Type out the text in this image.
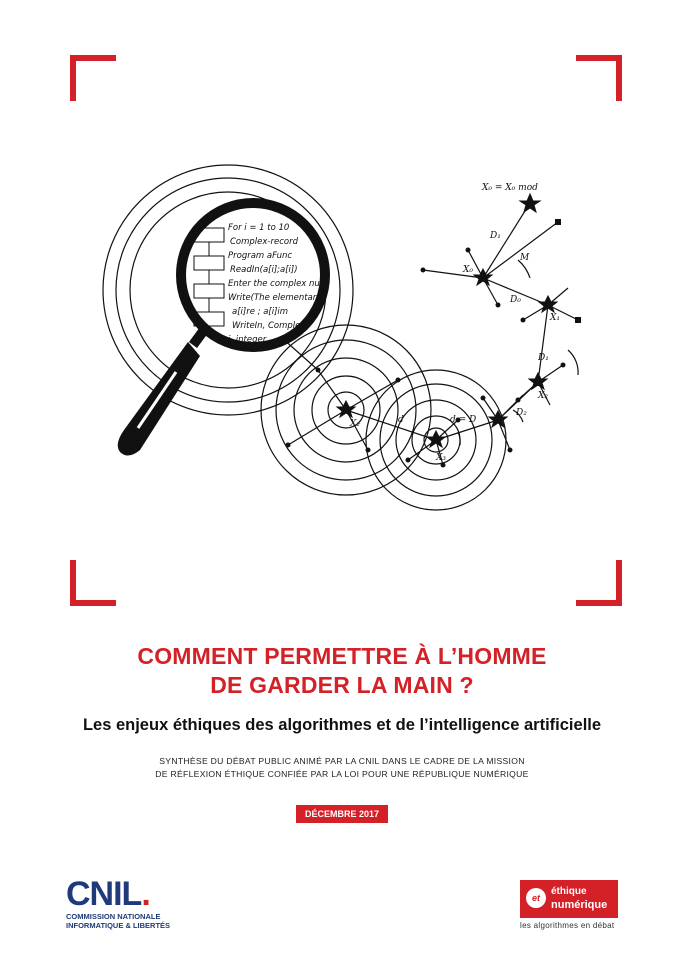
X₀ = X₀ mod
D₁
X₀
M
D₀
X₁
D₁
X₂
D₂
X₂	d	d = D
X₃
For i = 1 to 10
Complex-record
Program aFunc
ReadIn(a[i];a[i])
Enter the complex num
Write(The elementare
a[i]re ; a[i]im
WriteIn, Complex
j, integer
COMMENT PERMETTRE À L’HOMME
DE GARDER LA MAIN ?
Les enjeux éthiques des algorithmes et de l’intelligence artificielle
SYNTHÈSE DU DÉBAT PUBLIC ANIMÉ PAR LA CNIL DANS LE CADRE DE LA MISSION
DE RÉFLEXION ÉTHIQUE CONFIÉE PAR LA LOI POUR UNE RÉPUBLIQUE NUMÉRIQUE
DÉCEMBRE 2017
CNIL.
COMMISSION NATIONALE
INFORMATIQUE & LIBERTÉS
et
éthique
numérique
les algorithmes en débat
